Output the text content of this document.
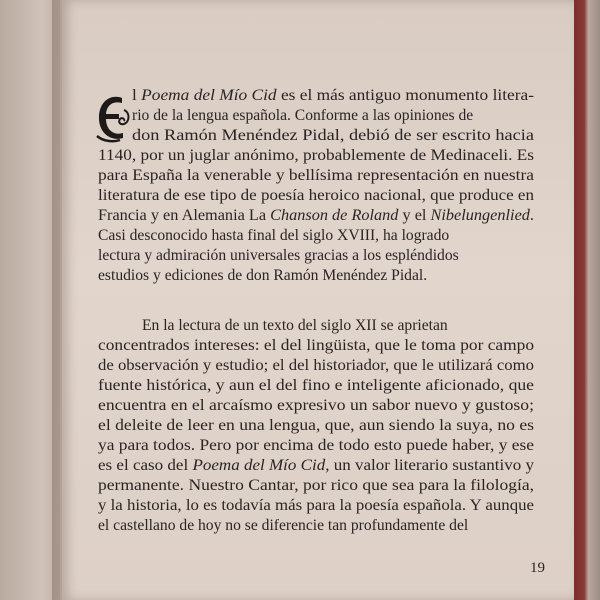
E	l Poema del Mío Cid es el más antiguo monumento litera-
rio de la lengua española. Conforme a las opiniones de
don Ramón Menéndez Pidal, debió de ser escrito hacia
1140, por un juglar anónimo, probablemente de Medinaceli. Es
para España la venerable y bellísima representación en nuestra
literatura de ese tipo de poesía heroico nacional, que produce en
Francia y en Alemania La Chanson de Roland y el Nibelungenlied.
Casi desconocido hasta final del siglo XVIII, ha logrado
lectura y admiración universales gracias a los espléndidos
estudios y ediciones de don Ramón Menéndez Pidal.
En la lectura de un texto del siglo XII se aprietan
concentrados intereses: el del lingüista, que le toma por campo
de observación y estudio; el del historiador, que le utilizará como
fuente histórica, y aun el del fino e inteligente aficionado, que
encuentra en el arcaísmo expresivo un sabor nuevo y gustoso;
el deleite de leer en una lengua, que, aun siendo la suya, no es
ya para todos. Pero por encima de todo esto puede haber, y ese
es el caso del Poema del Mío Cid, un valor literario sustantivo y
permanente. Nuestro Cantar, por rico que sea para la filología,
y la historia, lo es todavía más para la poesía española. Y aunque
el castellano de hoy no se diferencie tan profundamente del
19
